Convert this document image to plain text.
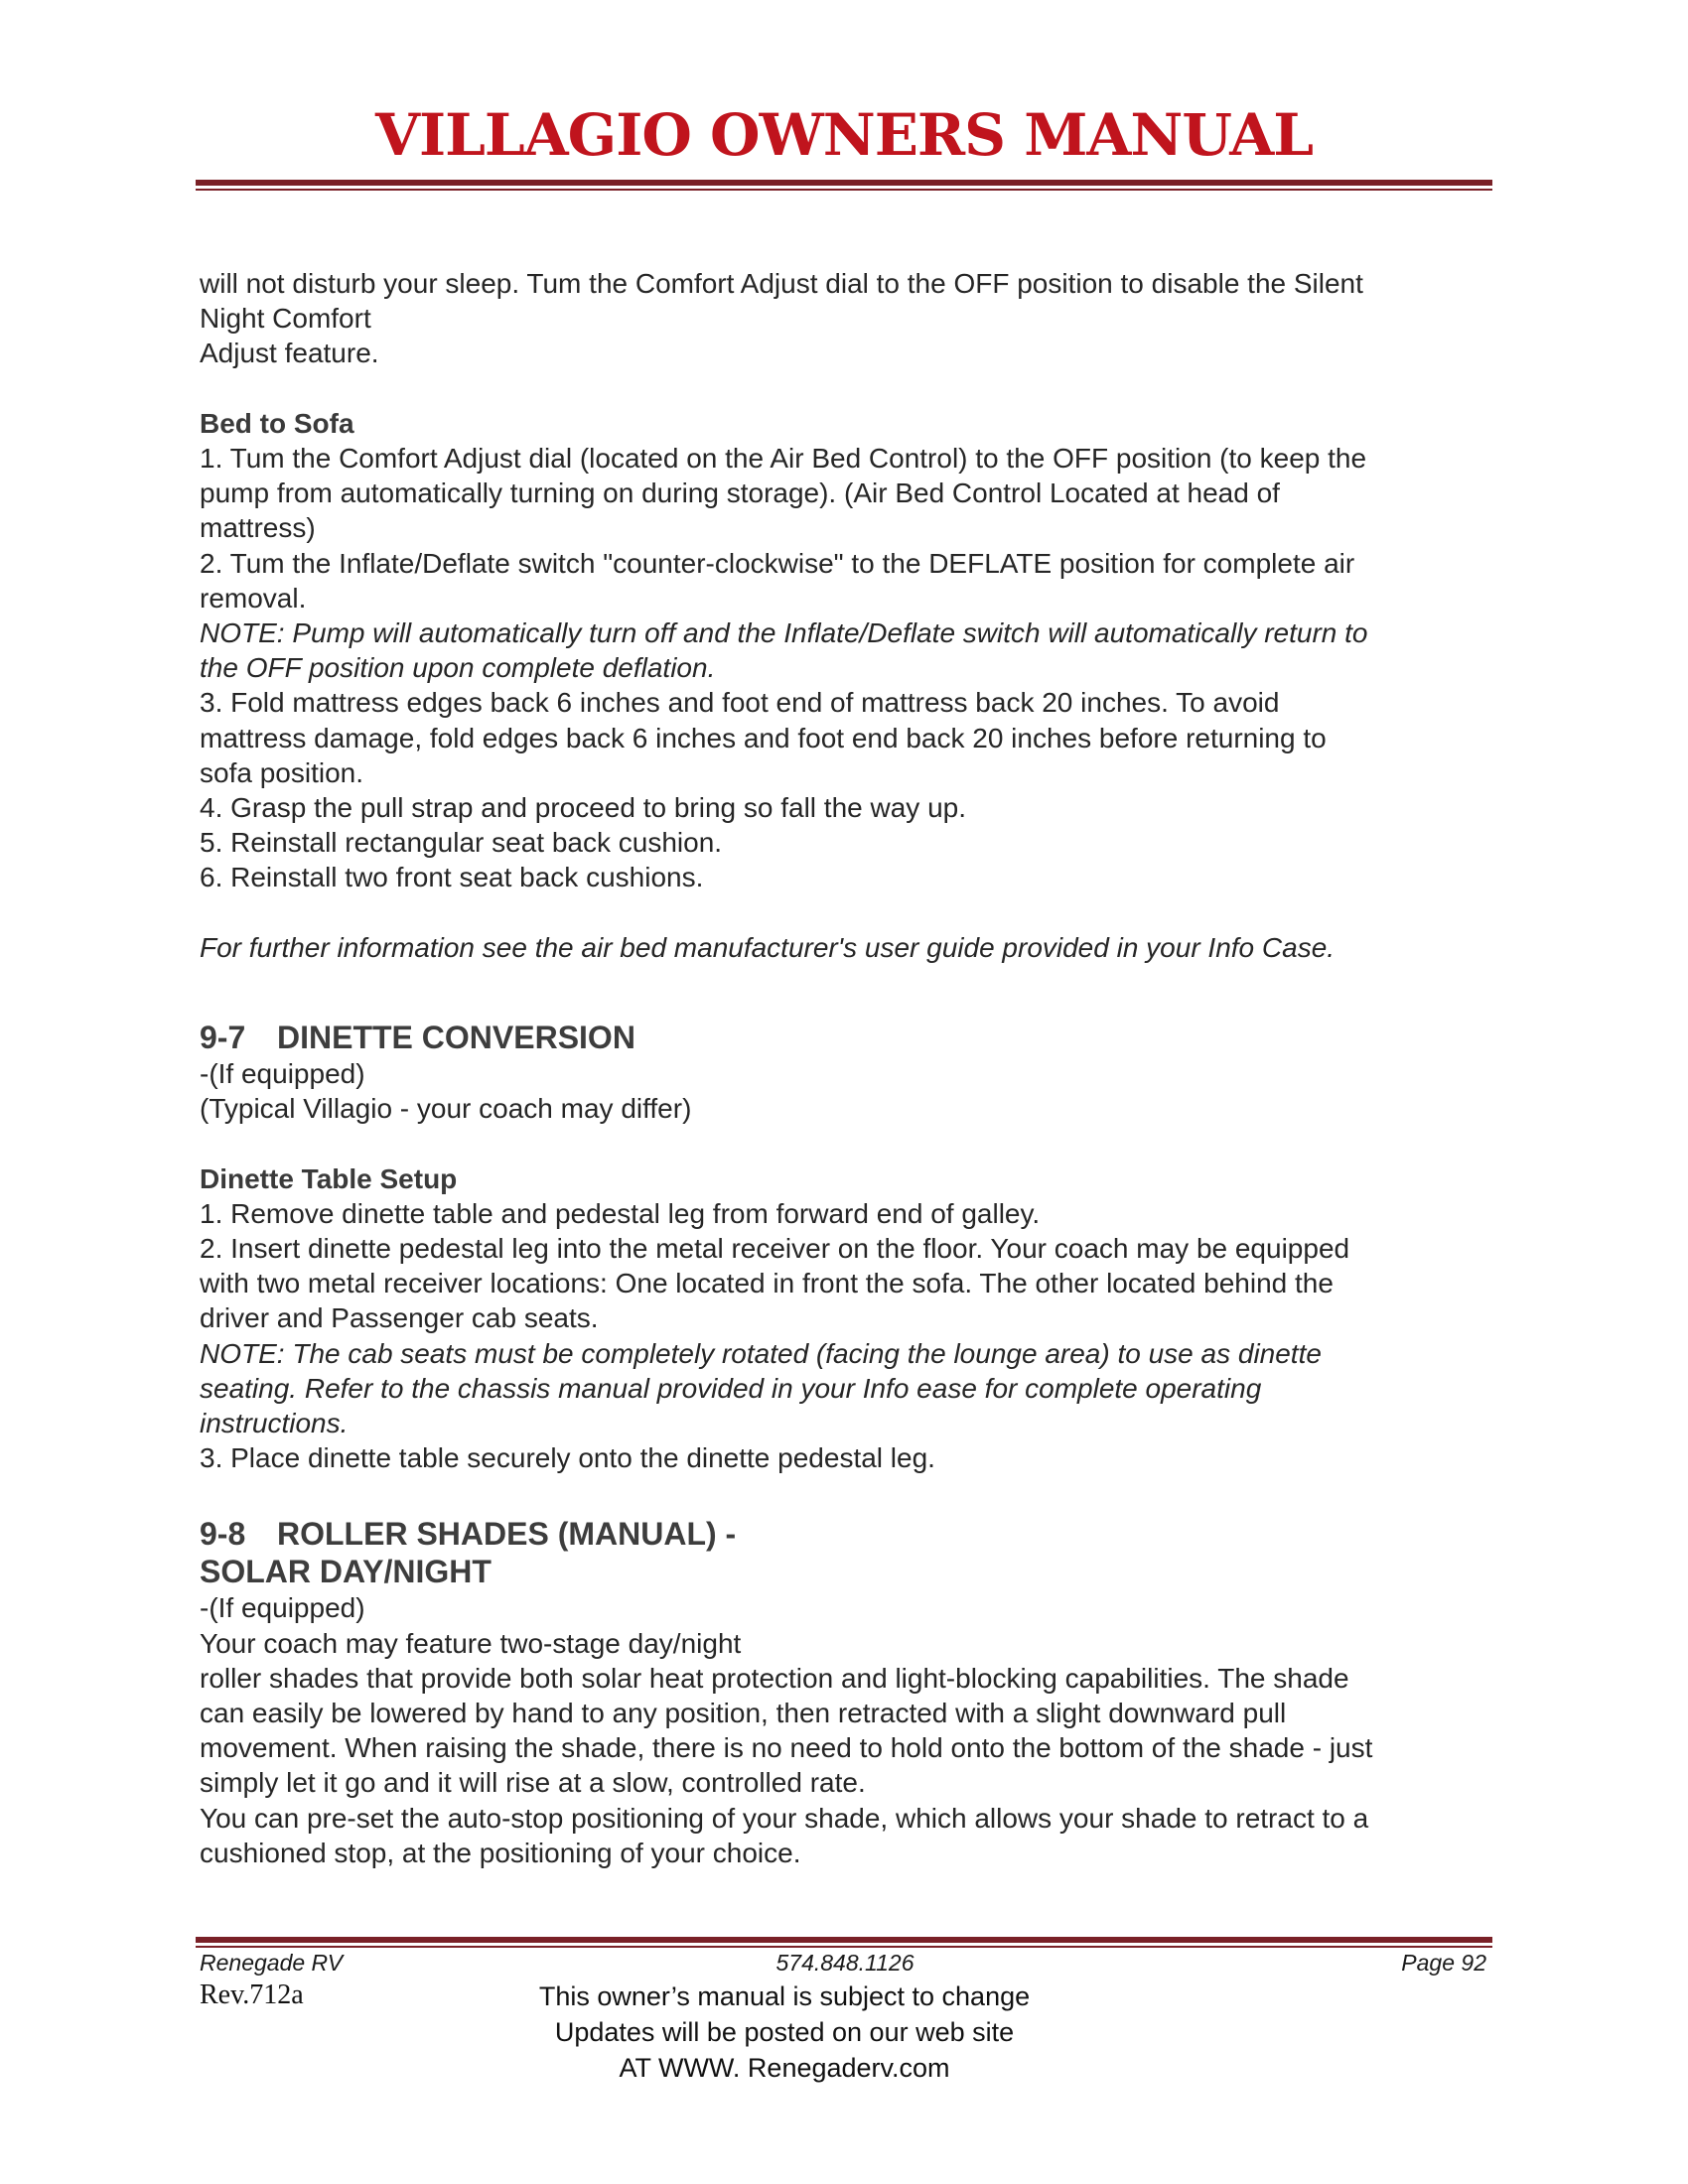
VILLAGIO OWNERS MANUAL

will not disturb your sleep. Tum the Comfort Adjust dial to the OFF position to disable the Silent

Night Comfort

Adjust feature.

Bed to Sofa

1. Tum the Comfort Adjust dial (located on the Air Bed Control) to the OFF position (to keep the

pump from automatically turning on during storage). (Air Bed Control Located at head of

mattress)

2. Tum the Inflate/Deflate switch "counter-clockwise" to the DEFLATE position for complete air

removal.

NOTE: Pump will automatically turn off and the Inflate/Deflate switch will automatically return to

the OFF position upon complete deflation.

3. Fold mattress edges back 6 inches and foot end of mattress back 20 inches. To avoid

mattress damage, fold edges back 6 inches and foot end back 20 inches before returning to

sofa position.

4. Grasp the pull strap and proceed to bring so fall the way up.

5. Reinstall rectangular seat back cushion.

6. Reinstall two front seat back cushions.

For further information see the air bed manufacturer's user guide provided in your Info Case.

9-7 DINETTE CONVERSION

-(If equipped)

(Typical Villagio - your coach may differ)

Dinette Table Setup

1. Remove dinette table and pedestal leg from forward end of galley.

2. Insert dinette pedestal leg into the metal receiver on the floor. Your coach may be equipped

with two metal receiver locations: One located in front the sofa. The other located behind the

driver and Passenger cab seats.

NOTE: The cab seats must be completely rotated (facing the lounge area) to use as dinette

seating. Refer to the chassis manual provided in your Info ease for complete operating

instructions.

3. Place dinette table securely onto the dinette pedestal leg.

9-8 ROLLER SHADES (MANUAL) -

SOLAR DAY/NIGHT

-(If equipped)

Your coach may feature two-stage day/night

roller shades that provide both solar heat protection and light-blocking capabilities. The shade

can easily be lowered by hand to any position, then retracted with a slight downward pull

movement. When raising the shade, there is no need to hold onto the bottom of the shade - just

simply let it go and it will rise at a slow, controlled rate.

You can pre-set the auto-stop positioning of your shade, which allows your shade to retract to a

cushioned stop, at the positioning of your choice.

Renegade RV	574.848.1126	Page 92
Rev.712a	This owner’s manual is subject to change

Updates will be posted on our web site

AT WWW. Renegaderv.com
